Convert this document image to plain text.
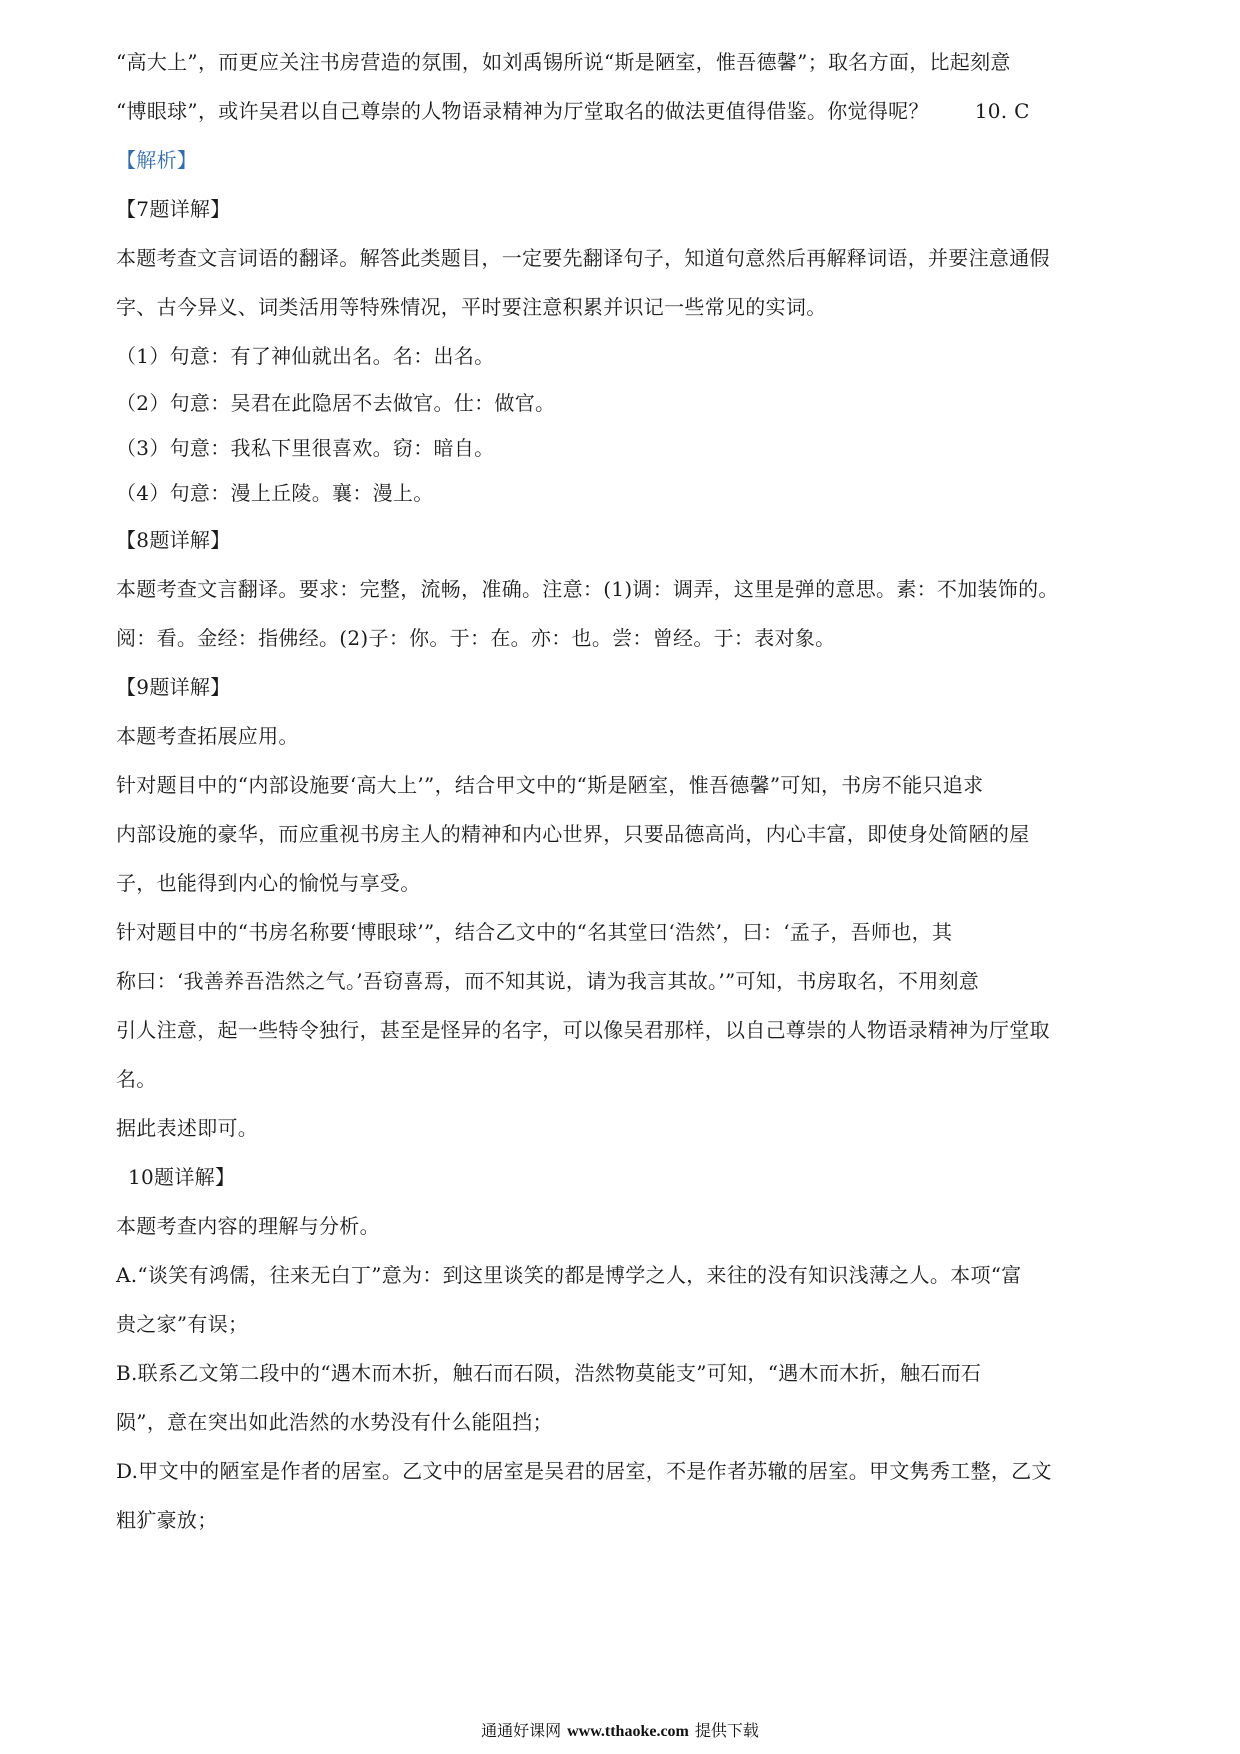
“高大上”，而更应关注书房营造的氛围，如刘禹锡所说“斯是陋室，惟吾德馨”；取名方面，比起刻意
“博眼球”，或许吴君以自己尊崇的人物语录精神为厅堂取名的做法更值得借鉴。你觉得呢？ 10. C
【解析】
【7题详解】
本题考查文言词语的翻译。解答此类题目，一定要先翻译句子，知道句意然后再解释词语，并要注意通假
字、古今异义、词类活用等特殊情况，平时要注意积累并识记一些常见的实词。
（1）句意：有了神仙就出名。名：出名。
（2）句意：吴君在此隐居不去做官。仕：做官。
（3）句意：我私下里很喜欢。窃：暗自。
（4）句意：漫上丘陵。襄：漫上。
【8题详解】
本题考查文言翻译。要求：完整，流畅，准确。注意：(1)调：调弄，这里是弹的意思。素：不加装饰的。
阅：看。金经：指佛经。(2)子：你。于：在。亦：也。尝：曾经。于：表对象。
【9题详解】
本题考查拓展应用。
针对题目中的“内部设施要‘高大上’”，结合甲文中的“斯是陋室，惟吾德馨”可知，书房不能只追求
内部设施的豪华，而应重视书房主人的精神和内心世界，只要品德高尚，内心丰富，即使身处简陋的屋
子，也能得到内心的愉悦与享受。
针对题目中的“书房名称要‘博眼球’”，结合乙文中的“名其堂曰‘浩然’，曰：‘孟子，吾师也，其
称曰：‘我善养吾浩然之气。’吾窃喜焉，而不知其说，请为我言其故。’”可知，书房取名，不用刻意
引人注意，起一些特令独行，甚至是怪异的名字，可以像吴君那样，以自己尊崇的人物语录精神为厅堂取
名。
据此表述即可。
10题详解】
本题考查内容的理解与分析。
A.“谈笑有鸿儒，往来无白丁”意为：到这里谈笑的都是博学之人，来往的没有知识浅薄之人。本项“富
贵之家”有误；
B.联系乙文第二段中的“遇木而木折，触石而石陨，浩然物莫能支”可知，“遇木而木折，触石而石
陨”，意在突出如此浩然的水势没有什么能阻挡；
D.甲文中的陋室是作者的居室。乙文中的居室是吴君的居室，不是作者苏辙的居室。甲文隽秀工整，乙文
粗犷豪放；
通通好课网 www.tthaoke.com 提供下载
